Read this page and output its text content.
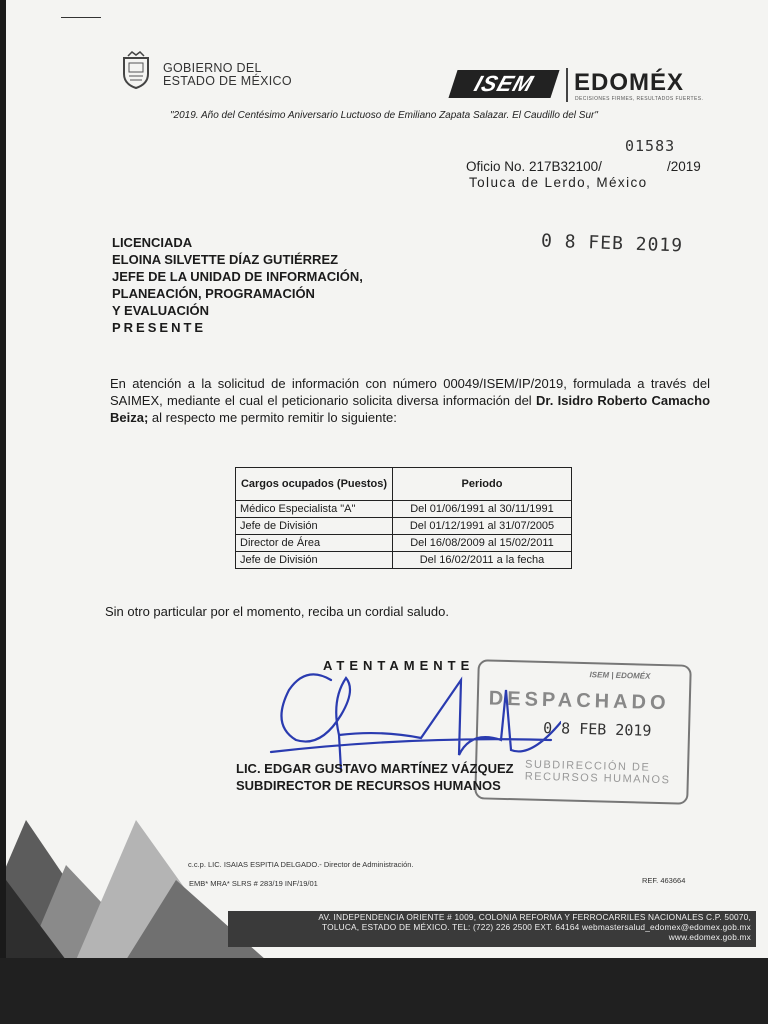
GOBIERNO DEL
ESTADO DE MÉXICO	ISEM	EDOMÉX
DECISIONES FIRMES, RESULTADOS FUERTES.
"2019. Año del Centésimo Aniversario Luctuoso de Emiliano Zapata Salazar. El Caudillo del Sur"
01583
Oficio No. 217B32100/	/2019
Toluca de Lerdo, México
0 8 FEB 2019
LICENCIADA
ELOINA SILVETTE DÍAZ GUTIÉRREZ
JEFE DE LA UNIDAD DE INFORMACIÓN,
PLANEACIÓN, PROGRAMACIÓN
Y EVALUACIÓN
PRESENTE
En atención a la solicitud de información con número 00049/ISEM/IP/2019, formulada a través del SAIMEX, mediante el cual el peticionario solicita diversa información del Dr. Isidro Roberto Camacho Beiza; al respecto me permito remitir lo siguiente:
Cargos ocupados (Puestos)	Periodo
Médico Especialista "A"	Del 01/06/1991 al 30/11/1991
Jefe de División	Del 01/12/1991 al 31/07/2005
Director de Área	Del 16/08/2009 al 15/02/2011
Jefe de División	Del 16/02/2011 a la fecha
Sin otro particular por el momento, reciba un cordial saludo.
ATENTAMENTE
ISEM | EDOMÉX
DESPACHADO
0 8 FEB 2019
SUBDIRECCIÓN DE
RECURSOS HUMANOS
LIC. EDGAR GUSTAVO MARTÍNEZ VÁZQUEZ
SUBDIRECTOR DE RECURSOS HUMANOS
c.c.p. LIC. ISAIAS ESPITIA DELGADO.- Director de Administración.
EMB* MRA* SLRS # 283/19 INF/19/01	REF. 463664
AV. INDEPENDENCIA ORIENTE # 1009, COLONIA REFORMA Y FERROCARRILES NACIONALES C.P. 50070,
TOLUCA, ESTADO DE MÉXICO. TEL: (722) 226 2500 EXT. 64164 webmastersalud_edomex@edomex.gob.mx
www.edomex.gob.mx
